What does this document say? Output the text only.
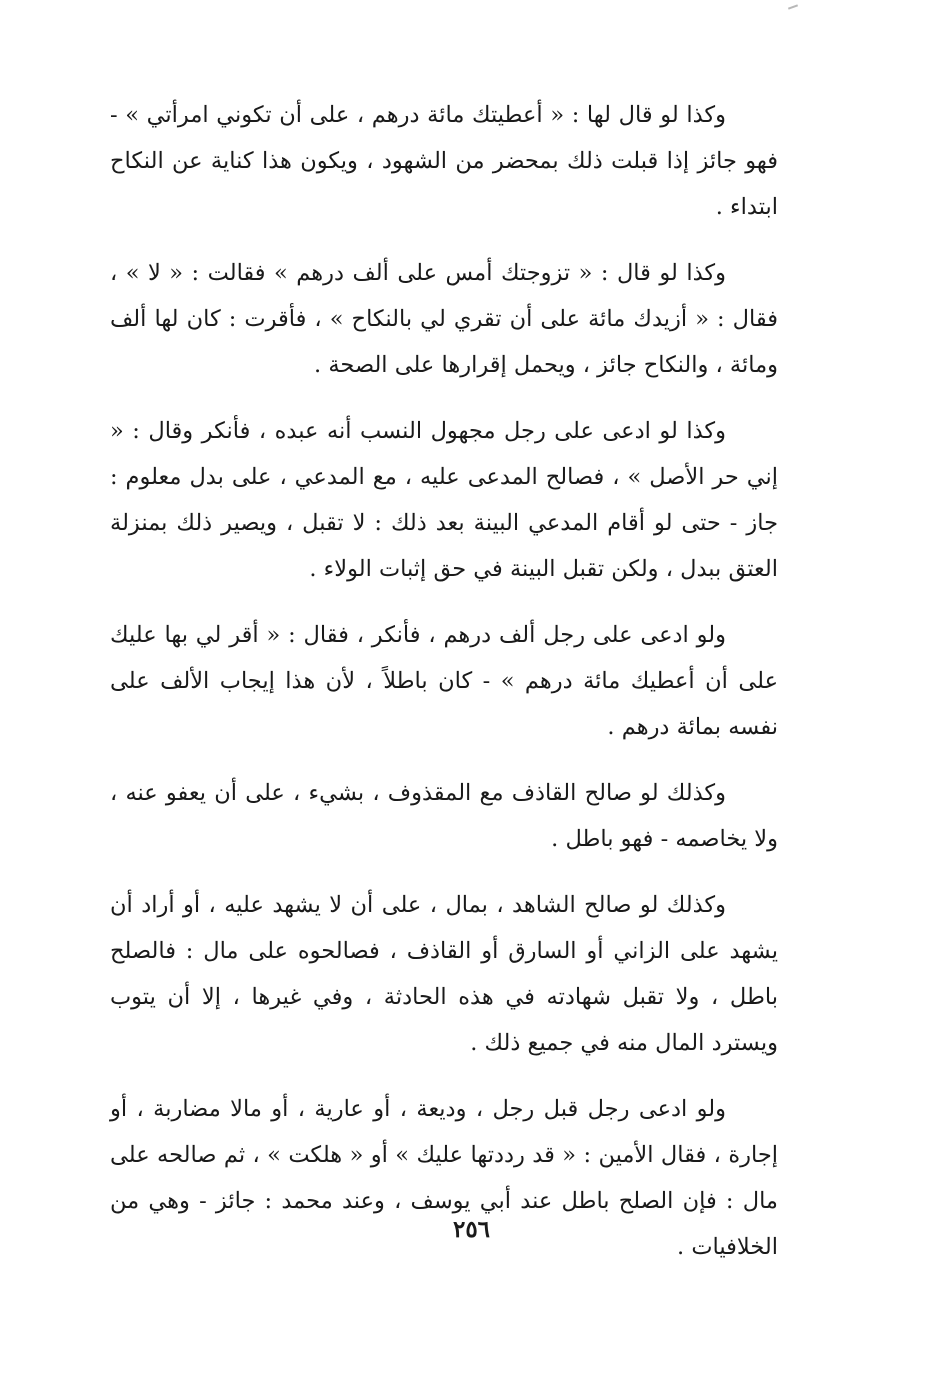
وكذا لو قال لها : « أعطيتك مائة درهم ، على أن تكوني امرأتي » - فهو جائز إذا قبلت ذلك بمحضر من الشهود ، ويكون هذا كناية عن النكاح ابتداء .

وكذا لو قال : « تزوجتك أمس على ألف درهم » فقالت : « لا » ، فقال : « أزيدك مائة على أن تقري لي بالنكاح » ، فأقرت : كان لها ألف ومائة ، والنكاح جائز ، ويحمل إقرارها على الصحة .

وكذا لو ادعى على رجل مجهول النسب أنه عبده ، فأنكر وقال : « إني حر الأصل » ، فصالح المدعى عليه ، مع المدعي ، على بدل معلوم : جاز - حتى لو أقام المدعي البينة بعد ذلك : لا تقبل ، ويصير ذلك بمنزلة العتق ببدل ، ولكن تقبل البينة في حق إثبات الولاء .

ولو ادعى على رجل ألف درهم ، فأنكر ، فقال : « أقر لي بها عليك على أن أعطيك مائة درهم » - كان باطلاً ، لأن هذا إيجاب الألف على نفسه بمائة درهم .

وكذلك لو صالح القاذف مع المقذوف ، بشيء ، على أن يعفو عنه ، ولا يخاصمه - فهو باطل .

وكذلك لو صالح الشاهد ، بمال ، على أن لا يشهد عليه ، أو أراد أن يشهد على الزاني أو السارق أو القاذف ، فصالحوه على مال : فالصلح باطل ، ولا تقبل شهادته في هذه الحادثة ، وفي غيرها ، إلا أن يتوب ويسترد المال منه في جميع ذلك .

ولو ادعى رجل قبل رجل ، وديعة ، أو عارية ، أو مالا مضاربة ، أو إجارة ، فقال الأمين : « قد رددتها عليك » أو « هلكت » ، ثم صالحه على مال : فإن الصلح باطل عند أبي يوسف ، وعند محمد : جائز - وهي من الخلافيات .

٢٥٦
